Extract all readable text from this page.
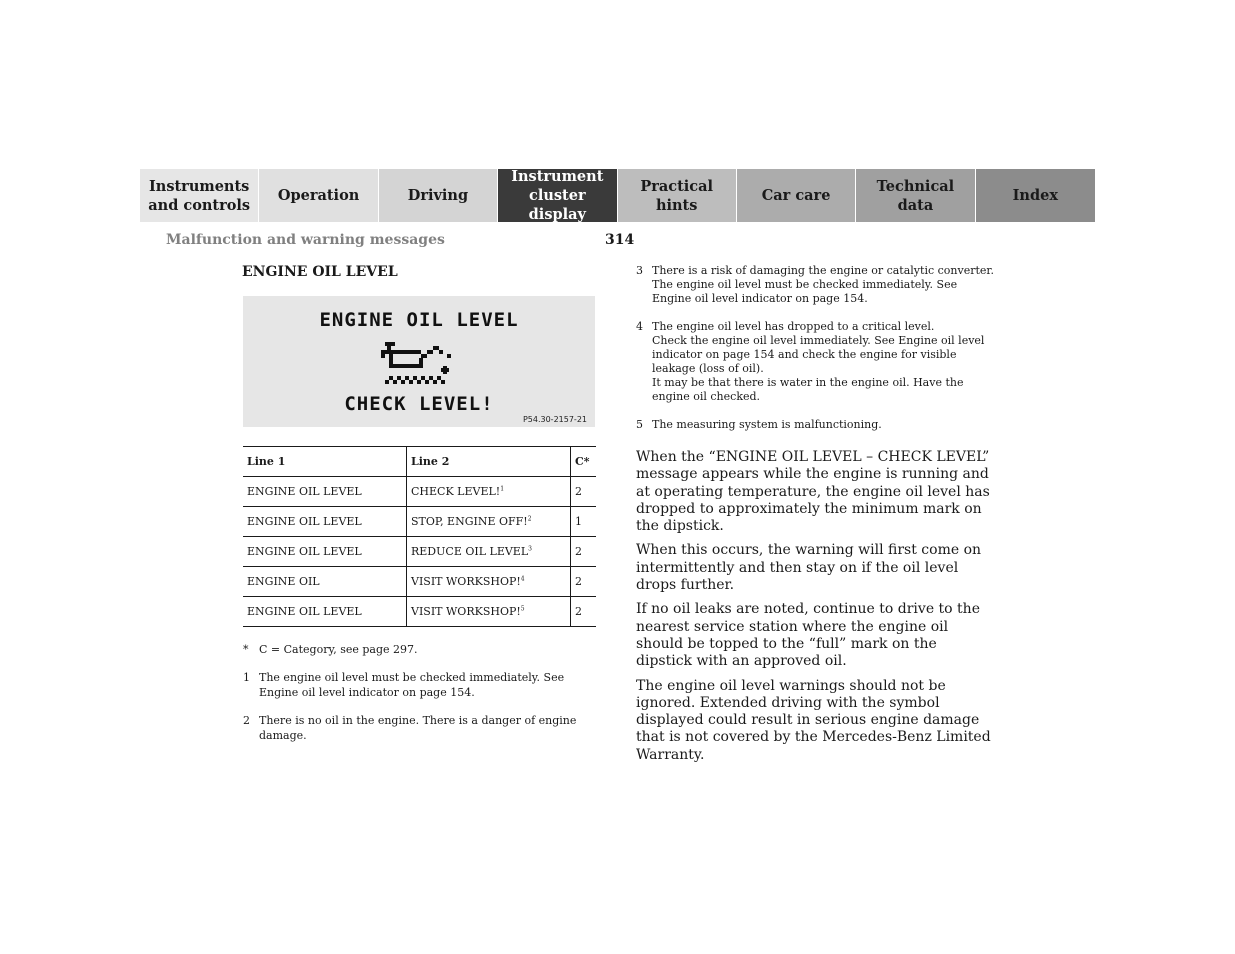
Instruments
and controls
Operation	Driving
Instrument
cluster display
Practical hints
Car care
Technical
data
Index
Malfunction and warning messages	314
ENGINE OIL LEVEL
ENGINE OIL LEVEL
CHECK LEVEL!
P54.30-2157-21
Line 1	Line 2	C*
ENGINE OIL LEVEL	CHECK LEVEL!$^1$	2
ENGINE OIL LEVEL	STOP, ENGINE OFF!$^2$	1
ENGINE OIL LEVEL	REDUCE OIL LEVEL$^3$	2
ENGINE OIL	VISIT WORKSHOP!$^4$	2
ENGINE OIL LEVEL	VISIT WORKSHOP!$^5$	2
* C = Category, see page 297.
1 The engine oil level must be checked immediately. See Engine oil level indicator on page 154.
2 There is no oil in the engine. There is a danger of engine damage.
3 There is a risk of damaging the engine or catalytic converter. The engine oil level must be checked immediately. See Engine oil level indicator on page 154.
4 The engine oil level has dropped to a critical level.
Check the engine oil level immediately. See Engine oil level indicator on page 154 and check the engine for visible leakage (loss of oil).
It may be that there is water in the engine oil. Have the engine oil checked.
5 The measuring system is malfunctioning.

When the “ENGINE OIL LEVEL – CHECK LEVEL” message appears while the engine is running and at operating temperature, the engine oil level has dropped to approximately the minimum mark on the dipstick.

When this occurs, the warning will first come on intermittently and then stay on if the oil level drops further.

If no oil leaks are noted, continue to drive to the nearest service station where the engine oil should be topped to the “full” mark on the dipstick with an approved oil.

The engine oil level warnings should not be ignored. Extended driving with the symbol displayed could result in serious engine damage that is not covered by the Mercedes-Benz Limited Warranty.
